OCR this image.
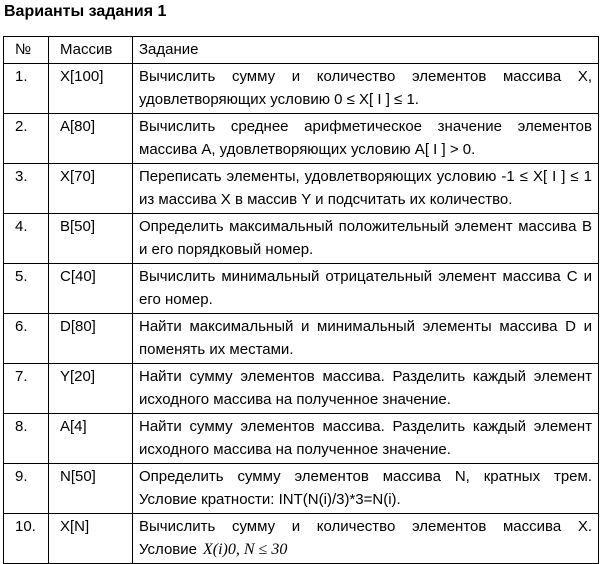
Варианты задания 1
№	Массив	Задание
1.	X[100]	Вычислить сумму и количество элементов массива X, удовлетворяющих условию 0 ≤ X[ I ] ≤ 1.
2.	A[80]	Вычислить среднее арифметическое значение элементов массива A, удовлетворяющих условию A[ I ] > 0.
3.	X[70]	Переписать элементы, удовлетворяющих условию -1 ≤ X[ I ] ≤ 1 из массива X в массив Y и подсчитать их количество.
4.	B[50]	Определить максимальный положительный элемент массива B и его порядковый номер.
5.	C[40]	Вычислить минимальный отрицательный элемент массива C и его номер.
6.	D[80]	Найти максимальный и минимальный элементы массива D и поменять их местами.
7.	Y[20]	Найти сумму элементов массива. Разделить каждый элемент исходного массива на полученное значение.
8.	A[4]	Найти сумму элементов массива. Разделить каждый элемент исходного массива на полученное значение.
9.	N[50]	Определить сумму элементов массива N, кратных трем. Условие кратности: INT(N(i)/3)*3=N(i).
10.	X[N]	Вычислить сумму и количество элементов массива X. Условие X(i)0, N ≤ 30
